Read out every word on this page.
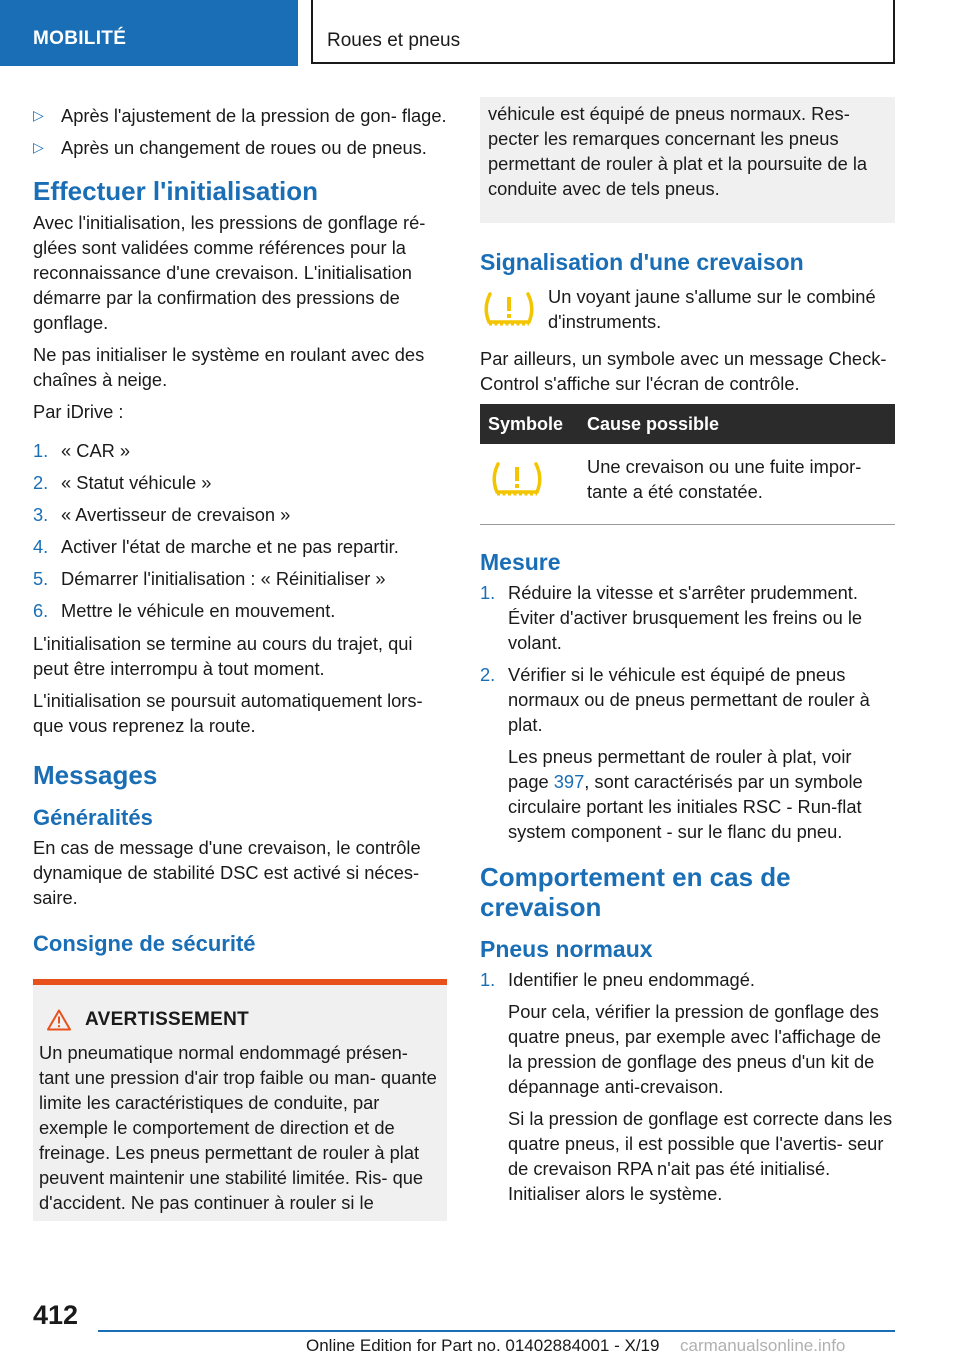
MOBILITÉ	Roues et pneus
▷ Après l'ajustement de la pression de gon- flage.
▷ Après un changement de roues ou de pneus.
Effectuer l'initialisation

Avec l'initialisation, les pressions de gonflage ré- glées sont validées comme références pour la reconnaissance d'une crevaison. L'initialisation démarre par la confirmation des pressions de gonflage.

Ne pas initialiser le système en roulant avec des chaînes à neige.

Par iDrive :

1. « CAR »
2. « Statut véhicule »
3. « Avertisseur de crevaison »
4. Activer l'état de marche et ne pas repartir.
5. Démarrer l'initialisation : « Réinitialiser »
6. Mettre le véhicule en mouvement.

L'initialisation se termine au cours du trajet, qui peut être interrompu à tout moment.

L'initialisation se poursuit automatiquement lors- que vous reprenez la route.

Messages
Généralités

En cas de message d'une crevaison, le contrôle dynamique de stabilité DSC est activé si néces- saire.

Consigne de sécurité
AVERTISSEMENT

Un pneumatique normal endommagé présen- tant une pression d'air trop faible ou man- quante limite les caractéristiques de conduite, par exemple le comportement de direction et de freinage. Les pneus permettant de rouler à plat peuvent maintenir une stabilité limitée. Ris- que d'accident. Ne pas continuer à rouler si le

véhicule est équipé de pneus normaux. Res- pecter les remarques concernant les pneus permettant de rouler à plat et la poursuite de la conduite avec de tels pneus.

Signalisation d'une crevaison

Un voyant jaune s'allume sur le combiné d'instruments.

Par ailleurs, un symbole avec un message Check-Control s'affiche sur l'écran de contrôle.

Symbole	Cause possible
	Une crevaison ou une fuite impor- tante a été constatée.
Mesure
1. Réduire la vitesse et s'arrêter prudemment. Éviter d'activer brusquement les freins ou le volant.
2. Vérifier si le véhicule est équipé de pneus normaux ou de pneus permettant de rouler à plat.
Les pneus permettant de rouler à plat, voir page 397, sont caractérisés par un symbole circulaire portant les initiales RSC - Run-flat system component - sur le flanc du pneu.
Comportement en cas de crevaison
Pneus normaux
1. Identifier le pneu endommagé.
Pour cela, vérifier la pression de gonflage des quatre pneus, par exemple avec l'affichage de la pression de gonflage des pneus d'un kit de dépannage anti-crevaison.
Si la pression de gonflage est correcte dans les quatre pneus, il est possible que l'avertis- seur de crevaison RPA n'ait pas été initialisé. Initialiser alors le système.
412
Online Edition for Part no. 01402884001 - X/19 carmanualsonline.info
